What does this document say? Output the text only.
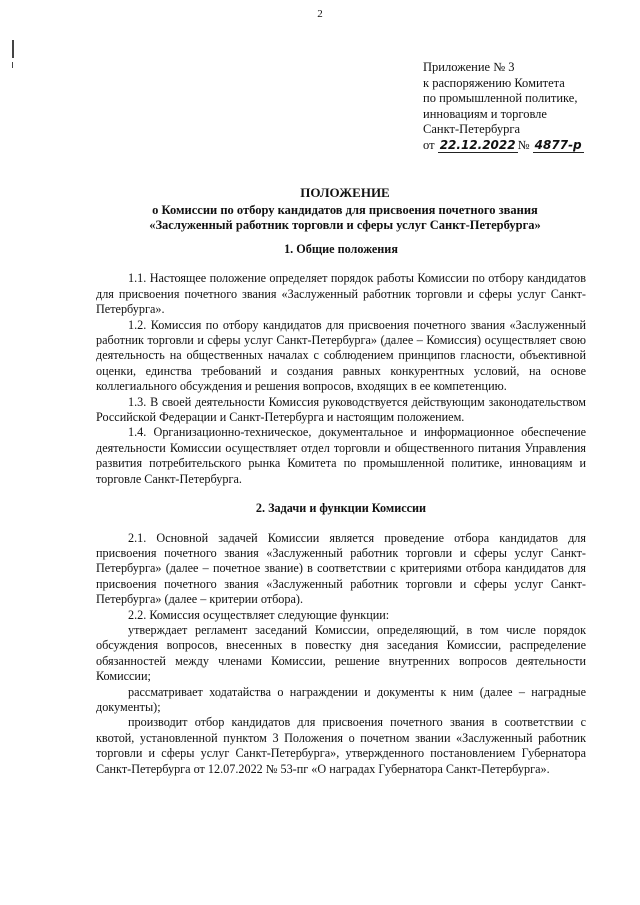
2
Приложение № 3
к распоряжению Комитета
по промышленной политике,
инновациям и торговле
Санкт-Петербурга
от 22.12.2022 № 4877-р
ПОЛОЖЕНИЕ
о Комиссии по отбору кандидатов для присвоения почетного звания
«Заслуженный работник торговли и сферы услуг Санкт-Петербурга»
1. Общие положения

1.1. Настоящее положение определяет порядок работы Комиссии по отбору кандидатов для присвоения почетного звания «Заслуженный работник торговли и сферы услуг Санкт-Петербурга».

1.2. Комиссия по отбору кандидатов для присвоения почетного звания «Заслуженный работник торговли и сферы услуг Санкт-Петербурга» (далее – Комиссия) осуществляет свою деятельность на общественных началах с соблюдением принципов гласности, объективной оценки, единства требований и создания равных конкурентных условий, на основе коллегиального обсуждения и решения вопросов, входящих в ее компетенцию.

1.3. В своей деятельности Комиссия руководствуется действующим законодательством Российской Федерации и Санкт-Петербурга и настоящим положением.

1.4. Организационно-техническое, документальное и информационное обеспечение деятельности Комиссии осуществляет отдел торговли и общественного питания Управления развития потребительского рынка Комитета по промышленной политике, инновациям и торговле Санкт-Петербурга.

2. Задачи и функции Комиссии

2.1. Основной задачей Комиссии является проведение отбора кандидатов для присвоения почетного звания «Заслуженный работник торговли и сферы услуг Санкт-Петербурга» (далее – почетное звание) в соответствии с критериями отбора кандидатов для присвоения почетного звания «Заслуженный работник торговли и сферы услуг Санкт-Петербурга» (далее – критерии отбора).

2.2. Комиссия осуществляет следующие функции:

утверждает регламент заседаний Комиссии, определяющий, в том числе порядок обсуждения вопросов, внесенных в повестку дня заседания Комиссии, распределение обязанностей между членами Комиссии, решение внутренних вопросов деятельности Комиссии;

рассматривает ходатайства о награждении и документы к ним (далее – наградные документы);

производит отбор кандидатов для присвоения почетного звания в соответствии с квотой, установленной пунктом 3 Положения о почетном звании «Заслуженный работник торговли и сферы услуг Санкт-Петербурга», утвержденного постановлением Губернатора Санкт-Петербурга от 12.07.2022 № 53-пг «О наградах Губернатора Санкт-Петербурга».
